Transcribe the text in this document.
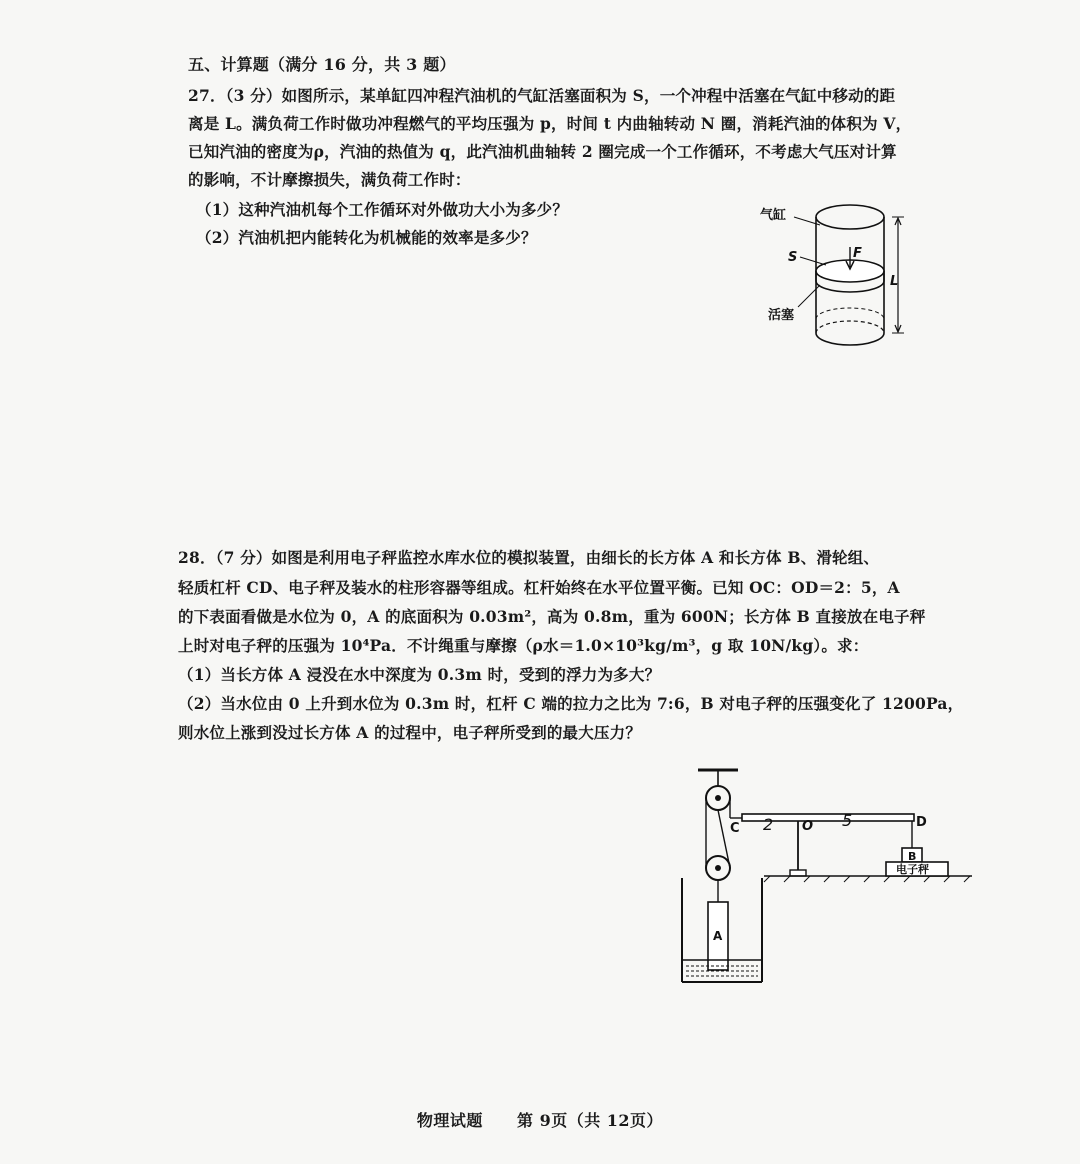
五、计算题（满分 16 分，共 3 题）
27．（3 分）如图所示，某单缸四冲程汽油机的气缸活塞面积为 S，一个冲程中活塞在气缸中移动的距
离是 L。满负荷工作时做功冲程燃气的平均压强为 p，时间 t 内曲轴转动 N 圈，消耗汽油的体积为 V，
已知汽油的密度为ρ，汽油的热值为 q，此汽油机曲轴转 2 圈完成一个工作循环，不考虑大气压对计算
的影响，不计摩擦损失，满负荷工作时：
（1）这种汽油机每个工作循环对外做功大小为多少？
（2）汽油机把内能转化为机械能的效率是多少？
气缸
S	F
L
活塞
28．（7 分）如图是利用电子秤监控水库水位的模拟装置，由细长的长方体 A 和长方体 B、滑轮组、
轻质杠杆 CD、电子秤及装水的柱形容器等组成。杠杆始终在水平位置平衡。已知 OC：OD＝2：5，A
的下表面看做是水位为 0，A 的底面积为 0.03m²，高为 0.8m，重为 600N；长方体 B 直接放在电子秤
上时对电子秤的压强为 10⁴Pa．不计绳重与摩擦（ρ水＝1.0×10³kg/m³，g 取 10N/kg）。求：
（1）当长方体 A 浸没在水中深度为 0.3m 时，受到的浮力为多大？
（2）当水位由 0 上升到水位为 0.3m 时，杠杆 C 端的拉力之比为 7:6，B 对电子秤的压强变化了 1200Pa，
则水位上涨到没过长方体 A 的过程中，电子秤所受到的最大压力？
C	O	D
2	5
A
B
电子秤
物理试题 第 9页（共 12页）
